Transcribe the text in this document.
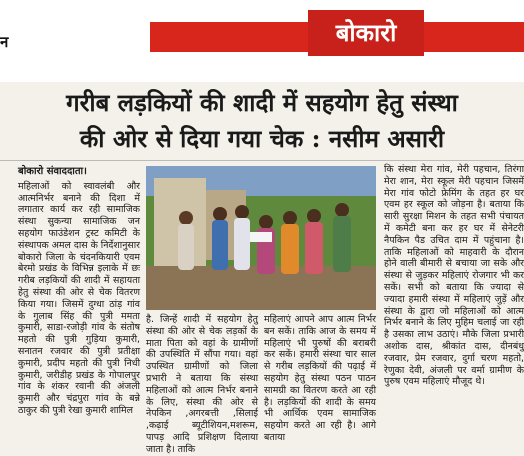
न	बोकारो
गरीब लड़कियों की शादी में सहयोग हेतु संस्था
की ओर से दिया गया चेक : नसीम असारी
बोकारो संवाददाता।

महिलाओं को स्वावलंबी और आत्मनिर्भर बनाने की दिशा में लगातार कार्य कर रही सामाजिक संस्था सुकन्या सामाजिक जन सहयोग फाउंडेशन ट्रस्ट कमिटी के संस्थापक अमल दास के निर्देशानुसार बोकारो जिला के चंदनकियारी एवम बेरमो प्रखंड के विभिन्न इलाके में छः गरीब लड़कियों की शादी में सहायता हेतु संस्था की ओर से चेक वितरण किया गया। जिसमें दुग्धा ठांड़ गांव के गुलाब सिंह की पुत्री ममता कुमारी, साडा-रजोड़ी गांव के संतोष महतो की पुत्री गुड़िया कुमारी, सनातन रजवार की पुत्री प्रतीक्षा कुमारी, प्रदीप महतो की पुत्री निधी कुमारी, जरीडीह प्रखंड के गोपालपुर गांव के शंकर रवानी की अंजली कुमारी और चंद्रपुरा गांव के बन्ने ठाकुर की पुत्री रेखा कुमारी शामिल

है. जिन्हें शादी में सहयोग हेतु संस्था की ओर से चेक लड़कों के माता पिता को वहां के ग्रामीणों की उपस्थिति में सौंपा गया। वहां उपस्थित ग्रामीणों को जिला प्रभारी ने बताया कि संस्था महिलाओं को आत्म निर्भर बनाने के लिए, संस्था की ओर से नेपकिन ,अगरबत्ती ,सिलाई ,कढ़ाई ब्यूटीशियन,मशरूम, पापड़ आदि प्रशिक्षण दिलाया जाता है। ताकि

महिलाएं आपने आप आत्म निर्भर बन सकें। ताकि आज के समय में महिलाएं भी पुरुषों की बराबरी कर सकें। हमारी संस्था चार साल से गरीब लड़कियों की पढ़ाई में सहयोग हेतु संस्था पठन पाठन सामग्री का वितरण करते आ रही है। लड़कियों की शादी के समय भी आर्थिक एवम सामाजिक सहयोग करते आ रही है। आगे बताया

कि संस्था मेरा गांव, मेरी पहचान, तिरंगा मेरा शान, मेरा स्कूल मेरी पहचान जिसमें मेरा गांव फोटो फ्रेमिंग के तहत हर घर एवम हर स्कूल को जोड़ना है। बताया कि सारी सुरक्षा मिशन के तहत सभी पंचायत में कमेटी बना कर हर घर में सेनेटरी नैपकिन पैड उचित दाम में पहुंचाना है। ताकि महिलाओं को माहवारी के दौरान होने वाली बीमारी से बचाया जा सके और संस्था से जुड़कर महिलाएं रोजगार भी कर सकें। सभी को बताया कि ज्यादा से ज्यादा हमारी संस्था में महिलाएं जुड़ें और संस्था के द्वारा जो महिलाओं को आत्म निर्भर बनाने के लिए मुहिम चलाई जा रही है उसका लाभ उठाएं। मौके जिला प्रभारी अशोक दास, श्रीकांत दास, दीनबंधु रजवार, प्रेम रजवार, दुर्गा चरण महतो, रेणुका देवी, अंजली पर वर्मा ग्रामीण के पुरुष एवम महिलाएं मौजूद थे।
